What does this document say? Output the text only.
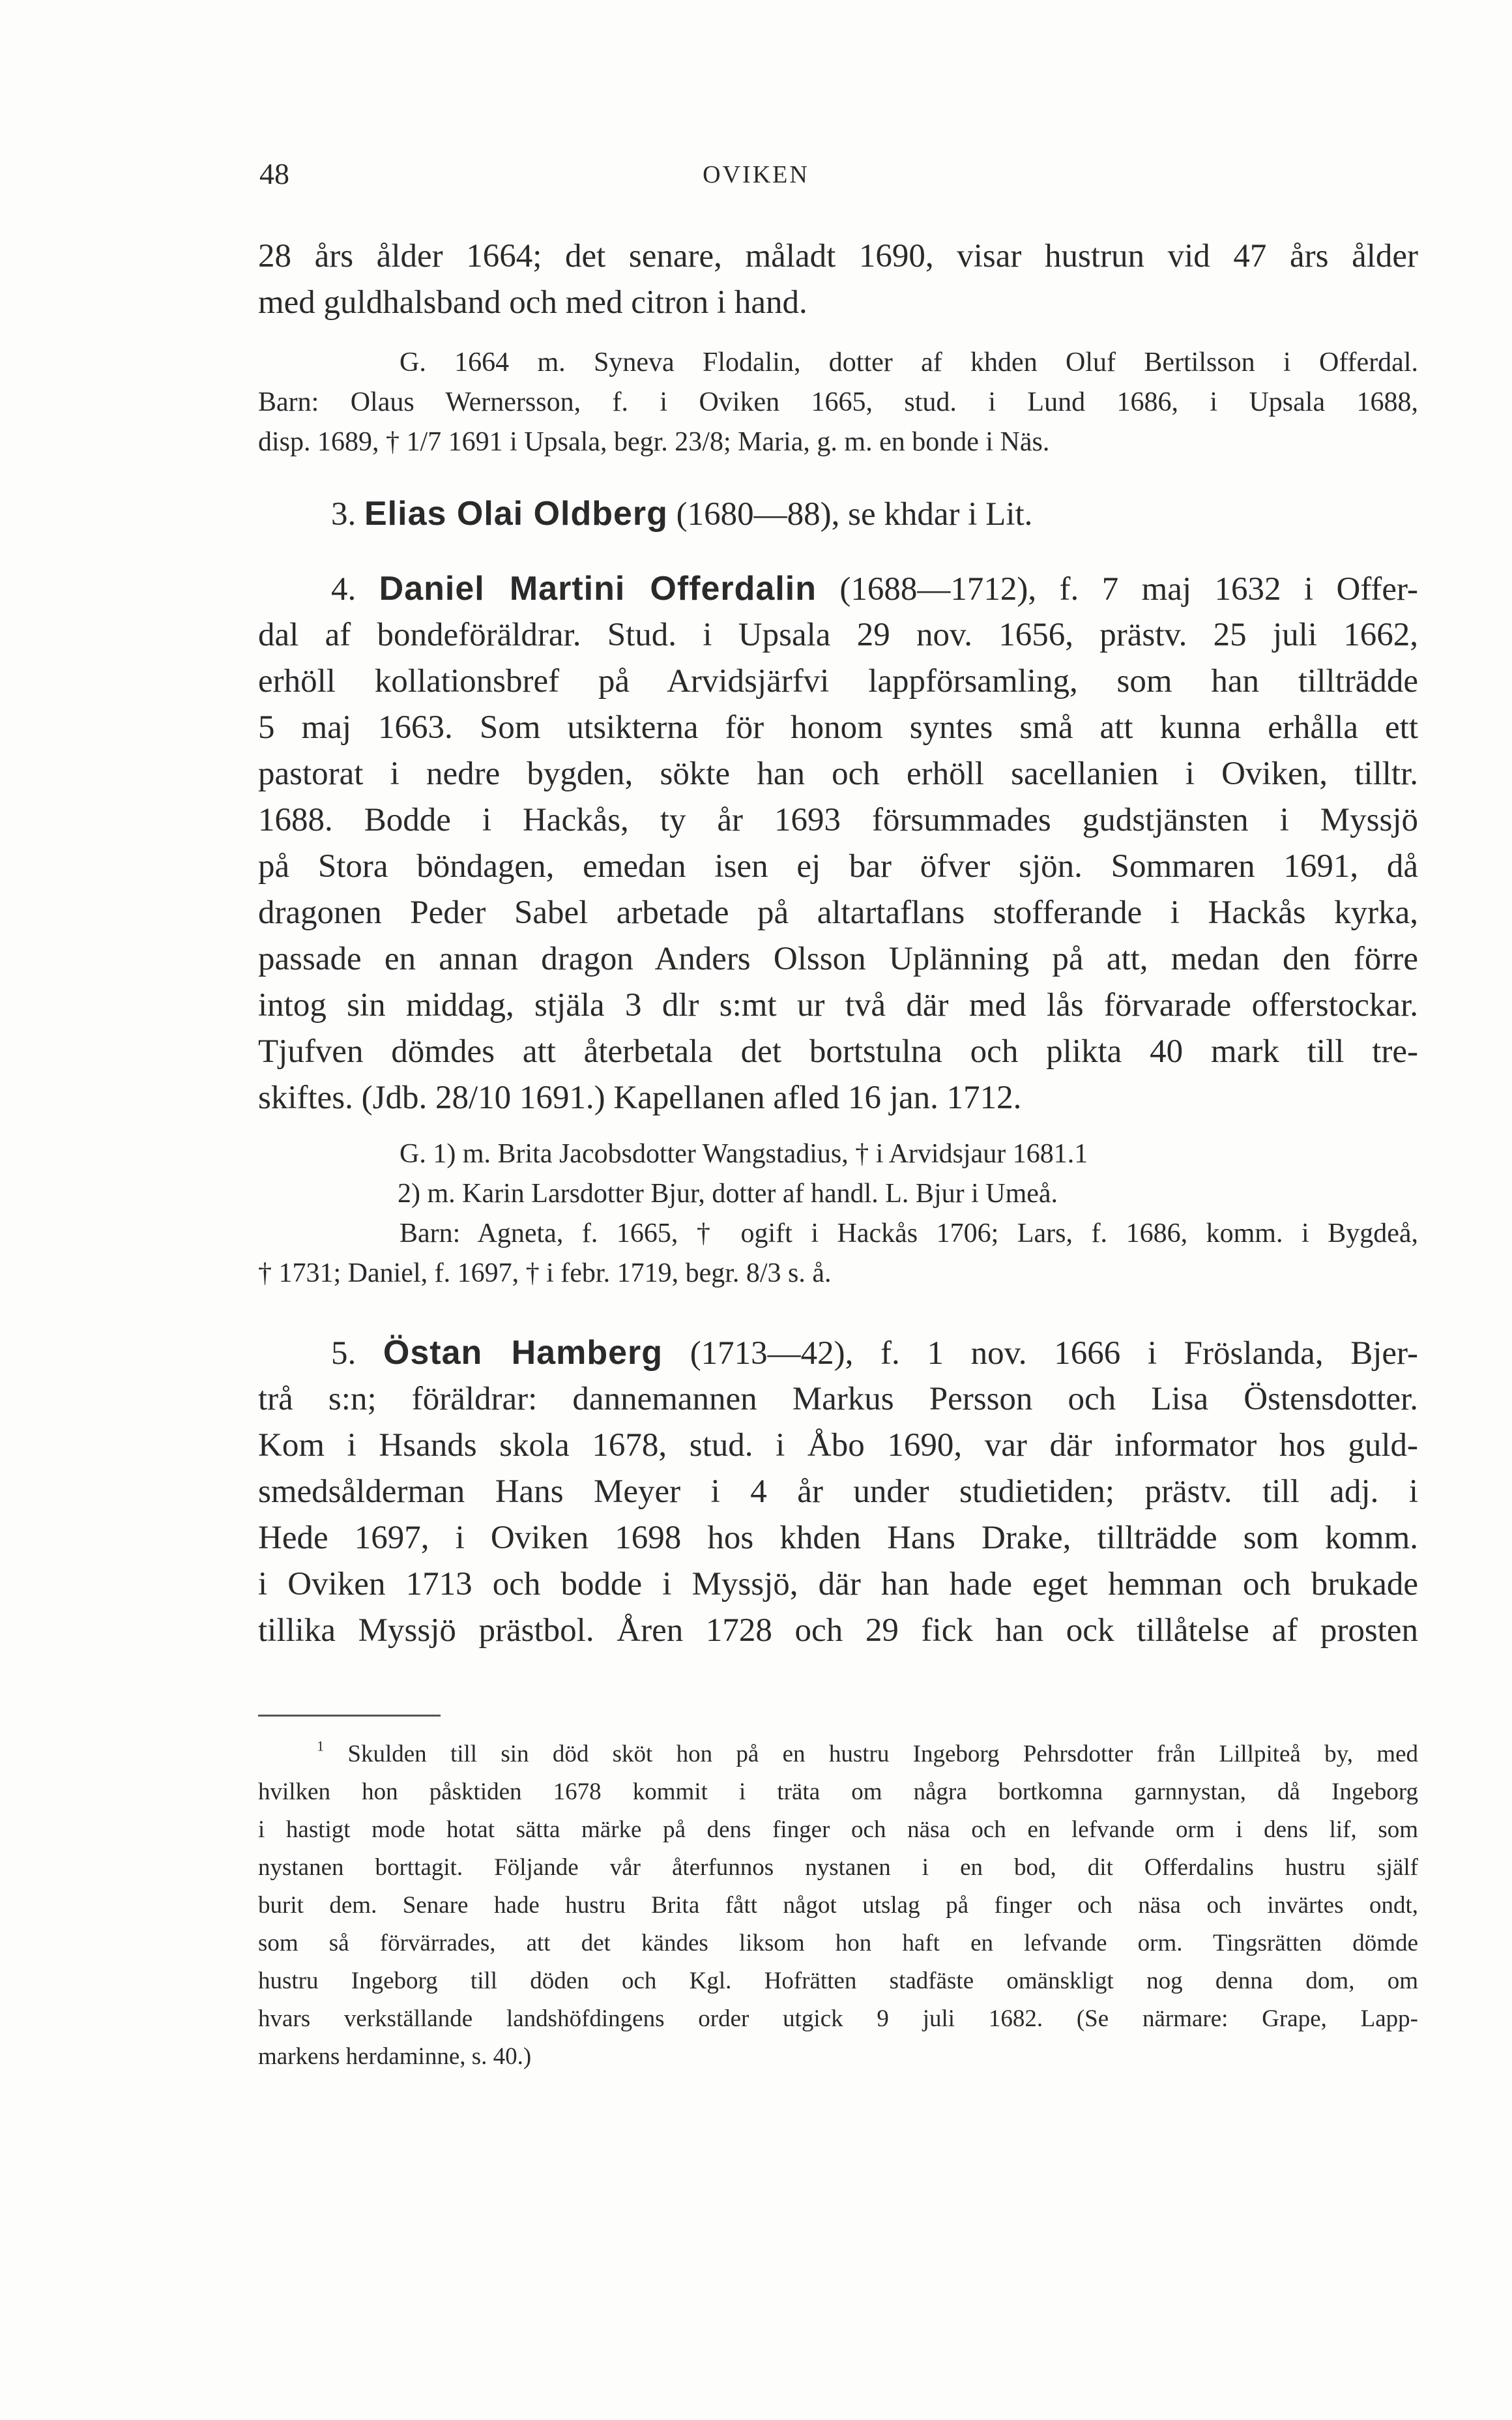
48	OVIKEN
28 års ålder 1664; det senare, måladt 1690, visar hustrun vid 47 års ålder
med guldhalsband och med citron i hand.
G. 1664 m. Syneva Flodalin, dotter af khden Oluf Bertilsson i Offerdal.
Barn: Olaus Wernersson, f. i Oviken 1665, stud. i Lund 1686, i Upsala 1688,
disp. 1689, † 1/7 1691 i Upsala, begr. 23/8; Maria, g. m. en bonde i Näs.
3. Elias Olai Oldberg (1680—88), se khdar i Lit.
4. Daniel Martini Offerdalin (1688—1712), f. 7 maj 1632 i Offer-
dal af bondeföräldrar. Stud. i Upsala 29 nov. 1656, prästv. 25 juli 1662,
erhöll kollationsbref på Arvidsjärfvi lappförsamling, som han tillträdde
5 maj 1663. Som utsikterna för honom syntes små att kunna erhålla ett
pastorat i nedre bygden, sökte han och erhöll sacellanien i Oviken, tilltr.
1688. Bodde i Hackås, ty år 1693 försummades gudstjänsten i Myssjö
på Stora böndagen, emedan isen ej bar öfver sjön. Sommaren 1691, då
dragonen Peder Sabel arbetade på altartaflans stofferande i Hackås kyrka,
passade en annan dragon Anders Olsson Uplänning på att, medan den förre
intog sin middag, stjäla 3 dlr s:mt ur två där med lås förvarade offerstockar.
Tjufven dömdes att återbetala det bortstulna och plikta 40 mark till tre-
skiftes. (Jdb. 28/10 1691.) Kapellanen afled 16 jan. 1712.
G. 1) m. Brita Jacobsdotter Wangstadius, † i Arvidsjaur 1681.1
2) m. Karin Larsdotter Bjur, dotter af handl. L. Bjur i Umeå.
Barn: Agneta, f. 1665, † ogift i Hackås 1706; Lars, f. 1686, komm. i Bygdeå,
† 1731; Daniel, f. 1697, † i febr. 1719, begr. 8/3 s. å.
5. Östan Hamberg (1713—42), f. 1 nov. 1666 i Fröslanda, Bjer-
trå s:n; föräldrar: dannemannen Markus Persson och Lisa Östensdotter.
Kom i Hsands skola 1678, stud. i Åbo 1690, var där informator hos guld-
smedsålderman Hans Meyer i 4 år under studietiden; prästv. till adj. i
Hede 1697, i Oviken 1698 hos khden Hans Drake, tillträdde som komm.
i Oviken 1713 och bodde i Myssjö, där han hade eget hemman och brukade
tillika Myssjö prästbol. Åren 1728 och 29 fick han ock tillåtelse af prosten
$^1$ Skulden till sin död sköt hon på en hustru Ingeborg Pehrsdotter från Lillpiteå by, med
hvilken hon påsktiden 1678 kommit i träta om några bortkomna garnnystan, då Ingeborg
i hastigt mode hotat sätta märke på dens finger och näsa och en lefvande orm i dens lif, som
nystanen borttagit. Följande vår återfunnos nystanen i en bod, dit Offerdalins hustru själf
burit dem. Senare hade hustru Brita fått något utslag på finger och näsa och invärtes ondt,
som så förvärrades, att det kändes liksom hon haft en lefvande orm. Tingsrätten dömde
hustru Ingeborg till döden och Kgl. Hofrätten stadfäste omänskligt nog denna dom, om
hvars verkställande landshöfdingens order utgick 9 juli 1682. (Se närmare: Grape, Lapp-
markens herdaminne, s. 40.)
